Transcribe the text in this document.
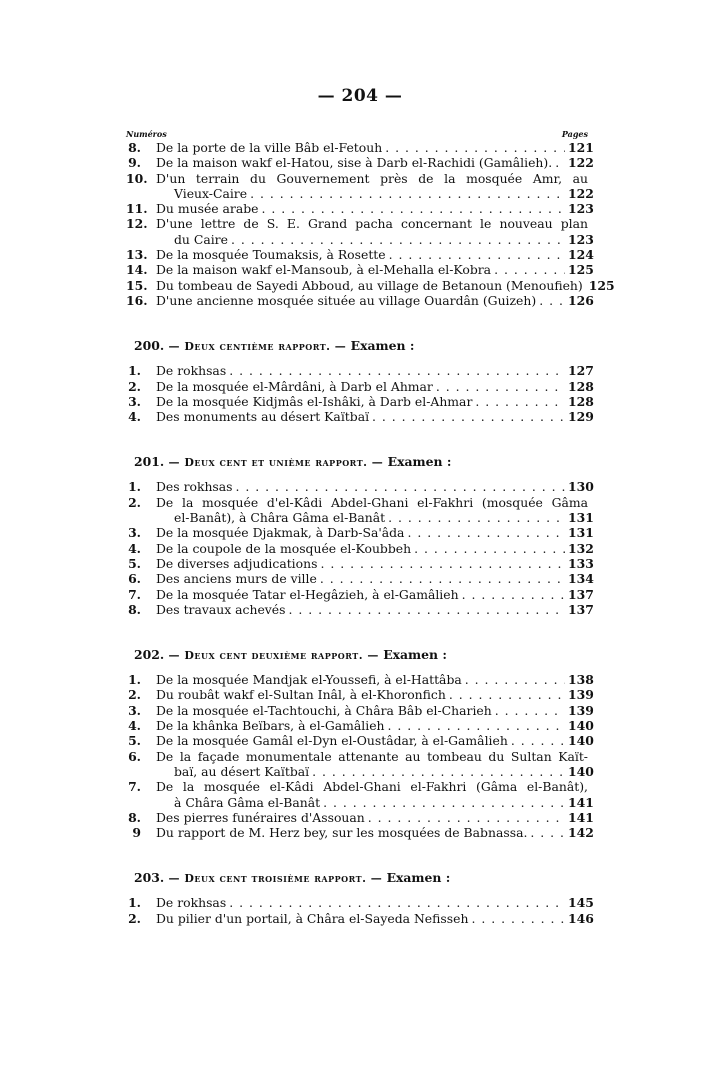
— 204 —
Numéros	Pages
8. De la porte de la ville Bâb el-Fetouh . . .	121
9. De la maison wakf el-Hatou, sise à Darb el-Rachidi (Gamâlieh). . . . 122
10. D'un terrain du Gouvernement près de la mosquée Amr, au
Vieux-Caire . . .	122
11. Du musée arabe . . .	123
12. D'une lettre de S. E. Grand pacha concernant le nouveau plan
du Caire . . .	123
13. De la mosquée Toumaksis, à Rosette . . .	124
14. De la maison wakf el-Mansoub, à el-Mehalla el-Kobra . . .	125
15. Du tombeau de Sayedi Abboud, au village de Betanoun (Menoufieh) 125
16. D'une ancienne mosquée située au village Ouardân (Guizeh) . . .	126
200. — Deux centième rapport. — Examen :
1. De rokhsas . . .	127
2. De la mosquée el-Mârdâni, à Darb el Ahmar . . .	128
3. De la mosquée Kidjmâs el-Ishâki, à Darb el-Ahmar . . .	128
4. Des monuments au désert Kaïtbaï . . .	129
201. — Deux cent et unième rapport. — Examen :
1. Des rokhsas . . .	130
2. De la mosquée d'el-Kâdi Abdel-Ghani el-Fakhri (mosquée Gâma
el-Banât), à Châra Gâma el-Banât . . .	131
3. De la mosquée Djakmak, à Darb-Sa'âda . . .	131
4. De la coupole de la mosquée el-Koubbeh . . .	132
5. De diverses adjudications . . .	133
6. Des anciens murs de ville . . .	134
7. De la mosquée Tatar el-Hegâzieh, à el-Gamâlieh . . .	137
8. Des travaux achevés . . .	137
202. — Deux cent deuxième rapport. — Examen :
1. De la mosquée Mandjak el-Youssefi, à el-Hattâba . . .	138
2. Du roubât wakf el-Sultan Inâl, à el-Khoronfich . . .	139
3. De la mosquée el-Tachtouchi, à Châra Bâb el-Charieh . . .	139
4. De la khânka Beïbars, à el-Gamâlieh . . .	140
5. De la mosquée Gamâl el-Dyn el-Oustâdar, à el-Gamâlieh . . .	140
6. De la façade monumentale attenante au tombeau du Sultan Kaït-
baï, au désert Kaïtbaï . . .	140
7. De la mosquée el-Kâdi Abdel-Ghani el-Fakhri (Gâma el-Banât),
à Châra Gâma el-Banât . . .	141
8. Des pierres funéraires d'Assouan . . .	141
9 Du rapport de M. Herz bey, sur les mosquées de Babnassa. . . .	142
203. — Deux cent troisième rapport. — Examen :
1. De rokhsas . . .	145
2. Du pilier d'un portail, à Châra el-Sayeda Nefisseh . . .	146
